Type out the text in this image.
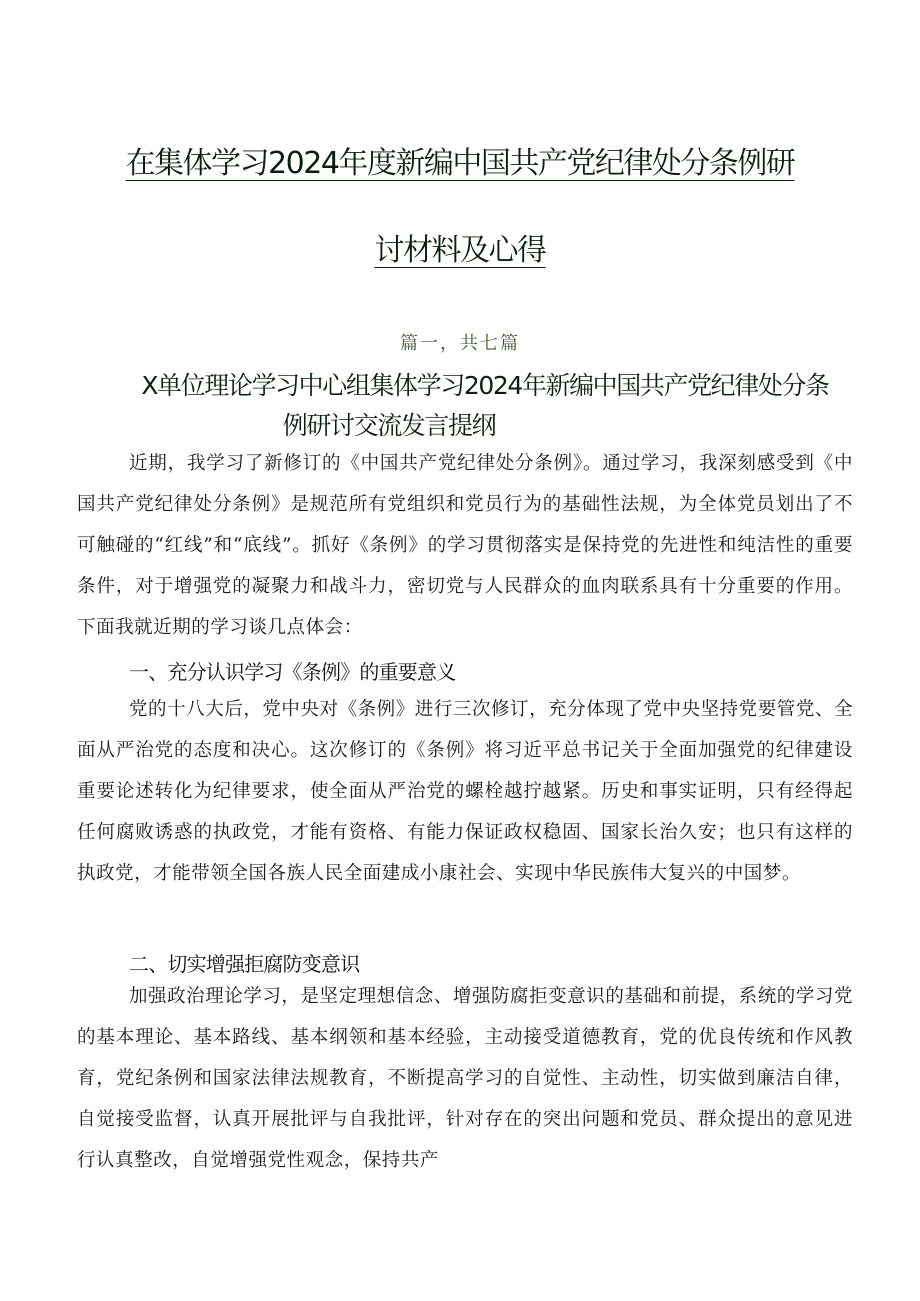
在集体学习2024年度新编中国共产党纪律处分条例研
讨材料及心得
篇一，共七篇
X单位理论学习中心组集体学习2024年新编中国共产党纪律处分条
例研讨交流发言提纲
近期，我学习了新修订的《中国共产党纪律处分条例》。通过学习，我深刻感受到《中国共产党纪律处分条例》是规范所有党组织和党员行为的基础性法规，为全体党员划出了不可触碰的“红线”和“底线”。抓好《条例》的学习贯彻落实是保持党的先进性和纯洁性的重要条件，对于增强党的凝聚力和战斗力，密切党与人民群众的血肉联系具有十分重要的作用。下面我就近期的学习谈几点体会：
一、充分认识学习《条例》的重要意义
党的十八大后，党中央对《条例》进行三次修订，充分体现了党中央坚持党要管党、全面从严治党的态度和决心。这次修订的《条例》将习近平总书记关于全面加强党的纪律建设重要论述转化为纪律要求，使全面从严治党的螺栓越拧越紧。历史和事实证明，只有经得起任何腐败诱惑的执政党，才能有资格、有能力保证政权稳固、国家长治久安；也只有这样的执政党，才能带领全国各族人民全面建成小康社会、实现中华民族伟大复兴的中国梦。
二、切实增强拒腐防变意识
加强政治理论学习，是坚定理想信念、增强防腐拒变意识的基础和前提，系统的学习党的基本理论、基本路线、基本纲领和基本经验，主动接受道德教育，党的优良传统和作风教育，党纪条例和国家法律法规教育，不断提高学习的自觉性、主动性，切实做到廉洁自律，自觉接受监督，认真开展批评与自我批评，针对存在的突出问题和党员、群众提出的意见进行认真整改，自觉增强党性观念，保持共产
